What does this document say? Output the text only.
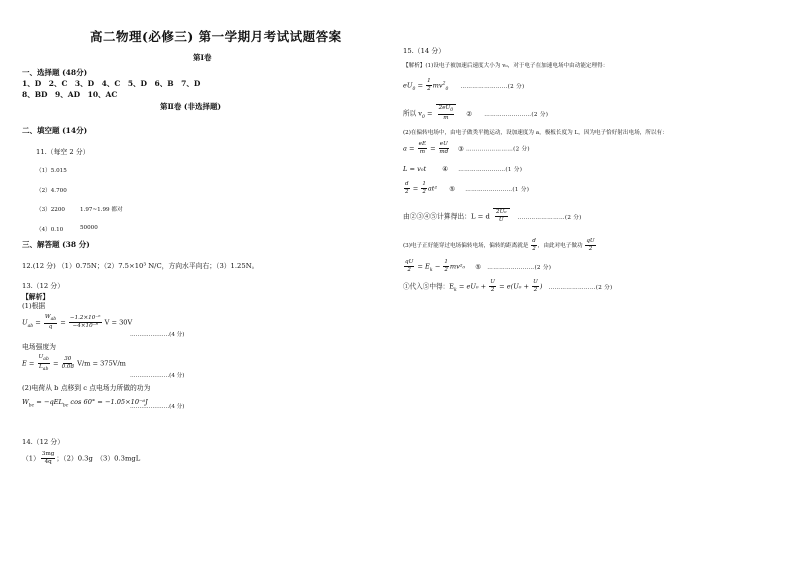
高二物理(必修三) 第一学期月考试试题答案
第Ⅰ卷
一、选择题 (48分)
1、D　2、C　3、D　4、C　5、D　6、B　7、D
8、BD　9、AD　10、AC
第Ⅱ卷 (非选择题)
二、填空题 (14分)
11.（每空 2 分）
（1）5.015
（2）4.700
（3）2200	1.97~1.99 都对
（4）0.10	50000
三、解答题 (38 分)
12.(12 分) （1）0.75N；（2）7.5×10³ N/C，方向水平向右；（3）1.25N。
13.（12 分）
【解析】
(1)根据
$U_{ab} = \frac{W_{ab}}{q} = \frac{\text{−1.2×10⁻⁶}}{\text{−4×10⁻⁸}}$ V = 30V
…………………(4 分)
电场强度为
$E = \frac{U_{ab}}{L_{ab}} = \frac{30}{0.08} V/m = 375V/m$
…………………(4 分)
(2)电荷从 b 点移到 c 点电场力所做的功为
$W_{bc} = -qEL_{bc}$ cos 60° = −1.05×10⁻⁶J
…………………(4 分)
14.（12 分）
$(1) \frac{3mg}{4q}$ ；（2）0.3g　（3）0.3mgL
15.（14 分）
【解析】(1)设电子被加速后速度大小为 v₀，对于电子在加速电场中由动能定理得：
$eU_0 = \frac{1}{2} mv^2_0$ ……………………(2 分)
所以 $v_0 = \frac{2eU_0}{m}$ ② ……………………(2 分)
(2)在偏转电场中，由电子做类平抛运动，设加速度为 a，极板长度为 L，因为电子恰好射出电场，所以有：
$a = \frac{eE}{m} = \frac{eU}{md}$ ③ ……………………(2 分)
L = v₀t ④ ……………………(1 分)
$\frac{d}{2} = \frac{1}{2} at^2$ ⑤ ……………………(1 分)
由②③④⑤计算得出：L = d $\frac{\text{2U₀}}{U}$ ……………………(2 分)
(3)电子正好能穿过电场偏转电场，偏转的距离就是 $\frac{d}{2}$ ，由此对电子做功 $\frac{qU}{2}$
$\frac{qU}{2} = E_k - \frac{1}{2} mv^2_0$ ⑤ ……………………(2 分)
①代入⑤中得：$E_k = eU_0 + \frac{U}{2} = e(U_0 + \frac{U}{2}$ ) ……………………(2 分)
